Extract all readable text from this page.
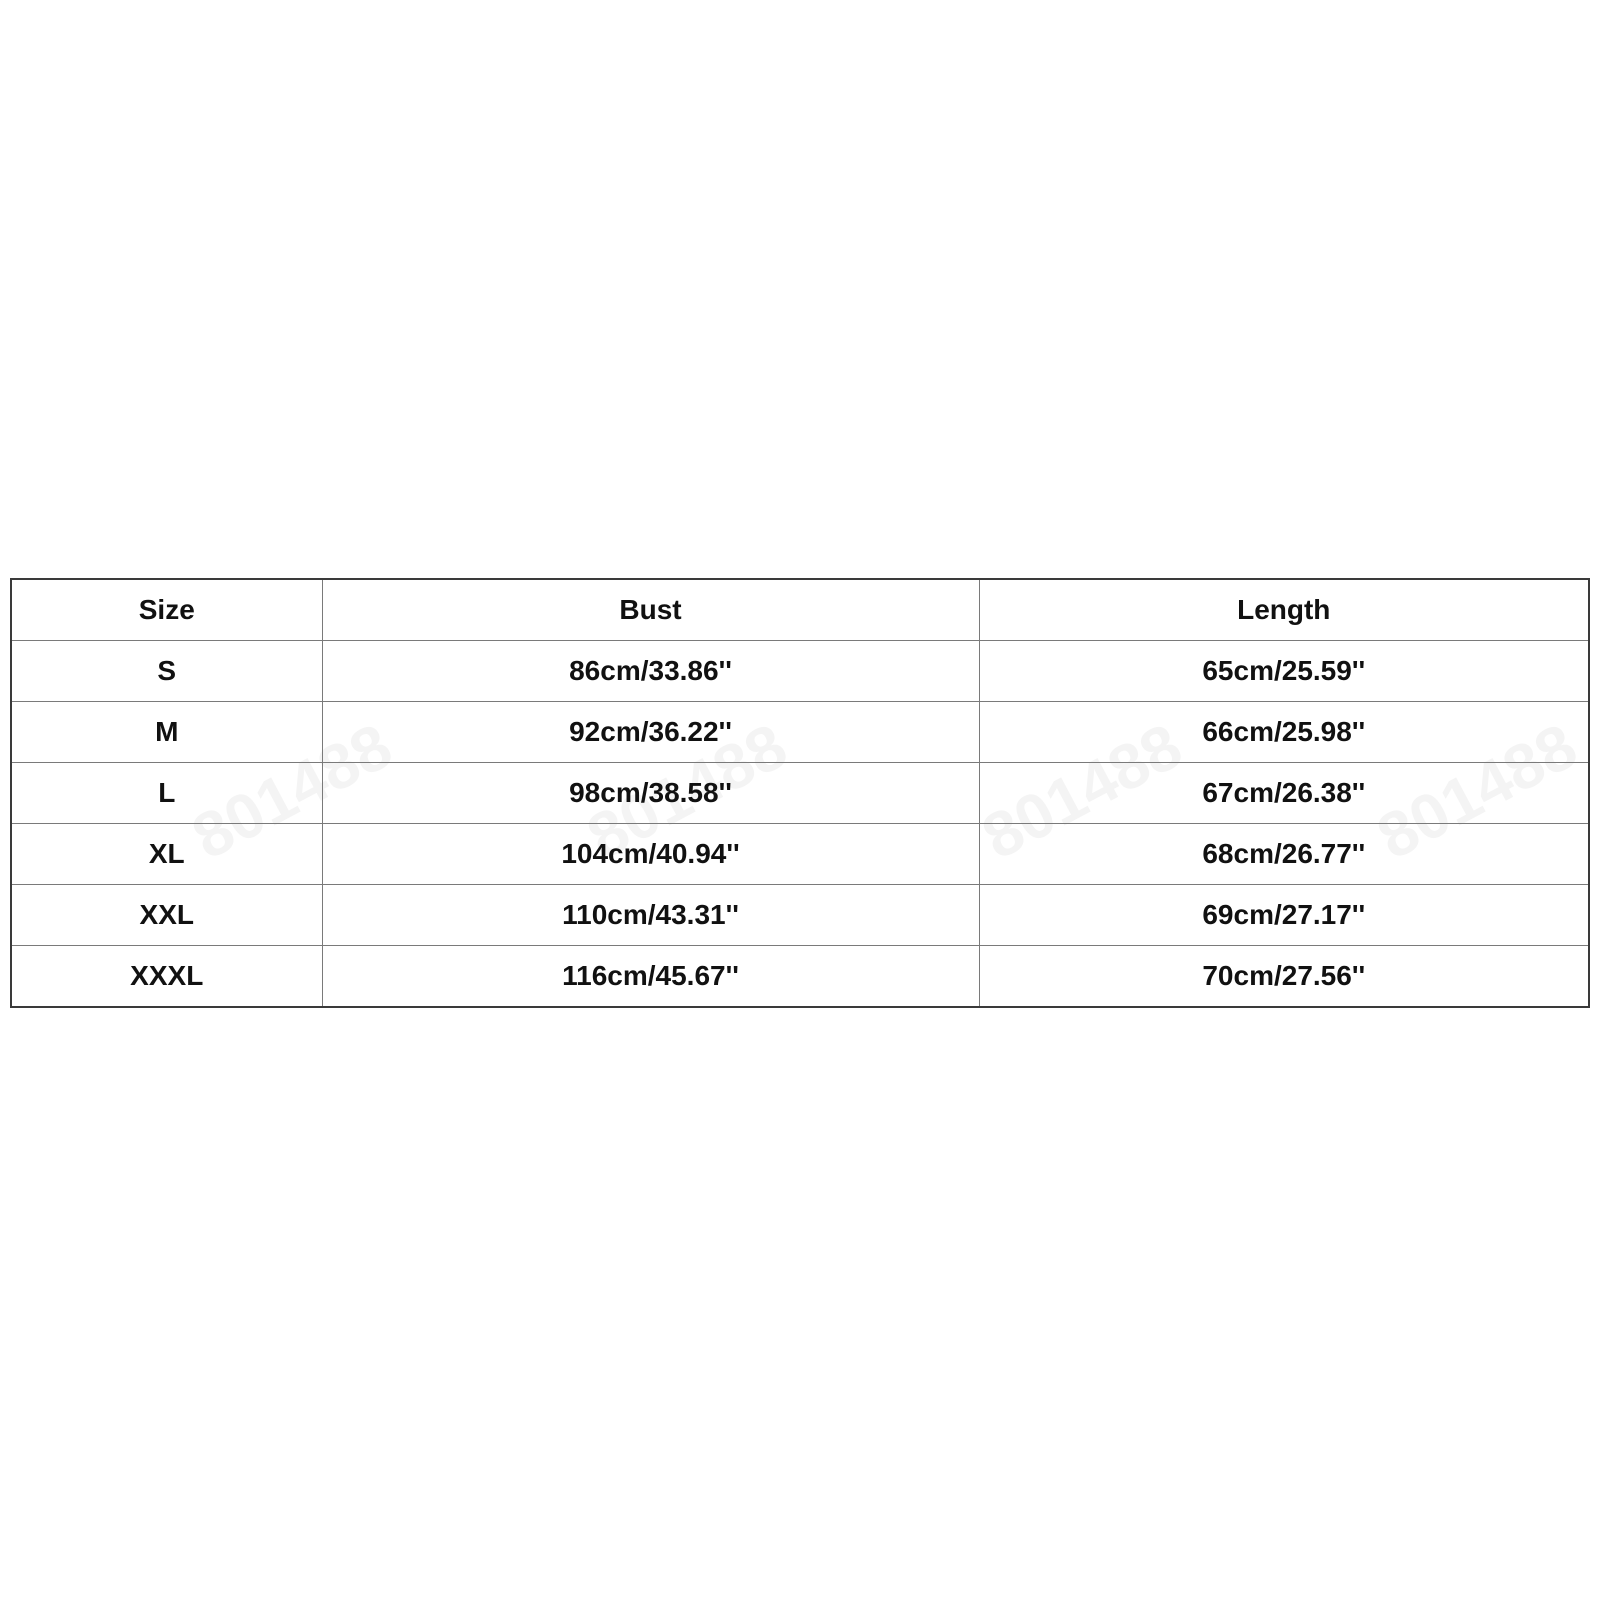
Size	Bust	Length
S	86cm/33.86''	65cm/25.59''
M	92cm/36.22''	66cm/25.98''
L	98cm/38.58''	67cm/26.38''
XL	104cm/40.94''	68cm/26.77''
XXL	110cm/43.31''	69cm/27.17''
XXXL	116cm/45.67''	70cm/27.56''
